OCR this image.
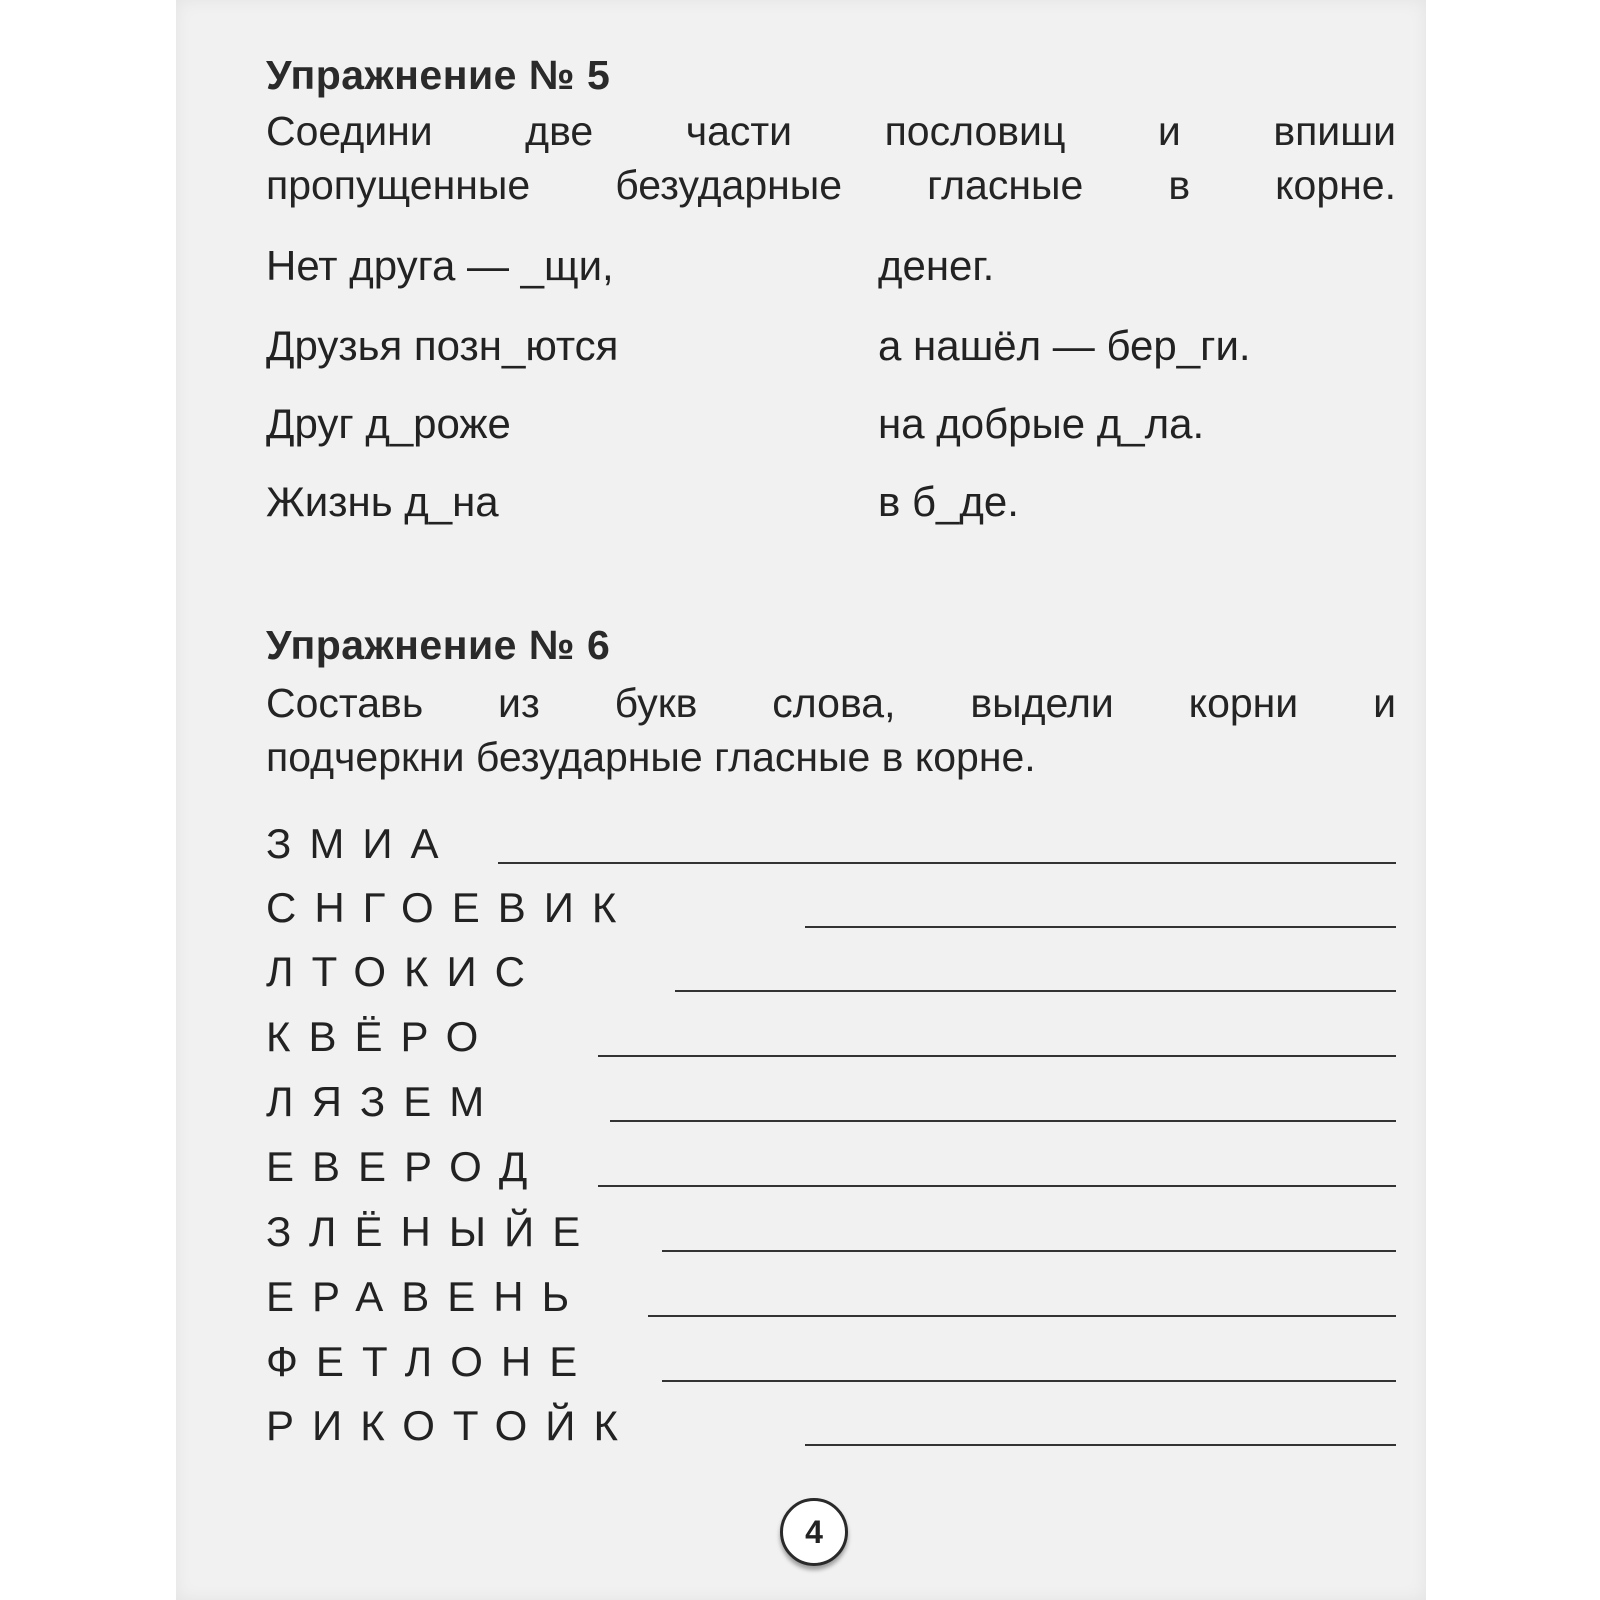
Упражнение № 5
Соедини две части пословиц и впиши
пропущенные безударные гласные в корне.
Нет друга — _щи,	денег.
Друзья позн_ются	а нашёл — бер_ги.
Друг д_роже	на добрые д_ла.
Жизнь д_на	в б_де.
Упражнение № 6
Составь из букв слова, выдели корни и
подчеркни безударные гласные в корне.
ЗМИА
СНГОЕВИК
ЛТОКИС
КВЁРО
ЛЯЗЕМ
ЕВЕРОД
ЗЛЁНЫЙЕ
ЕРАВЕНЬ
ФЕТЛОНЕ
РИКОТОЙК
4
